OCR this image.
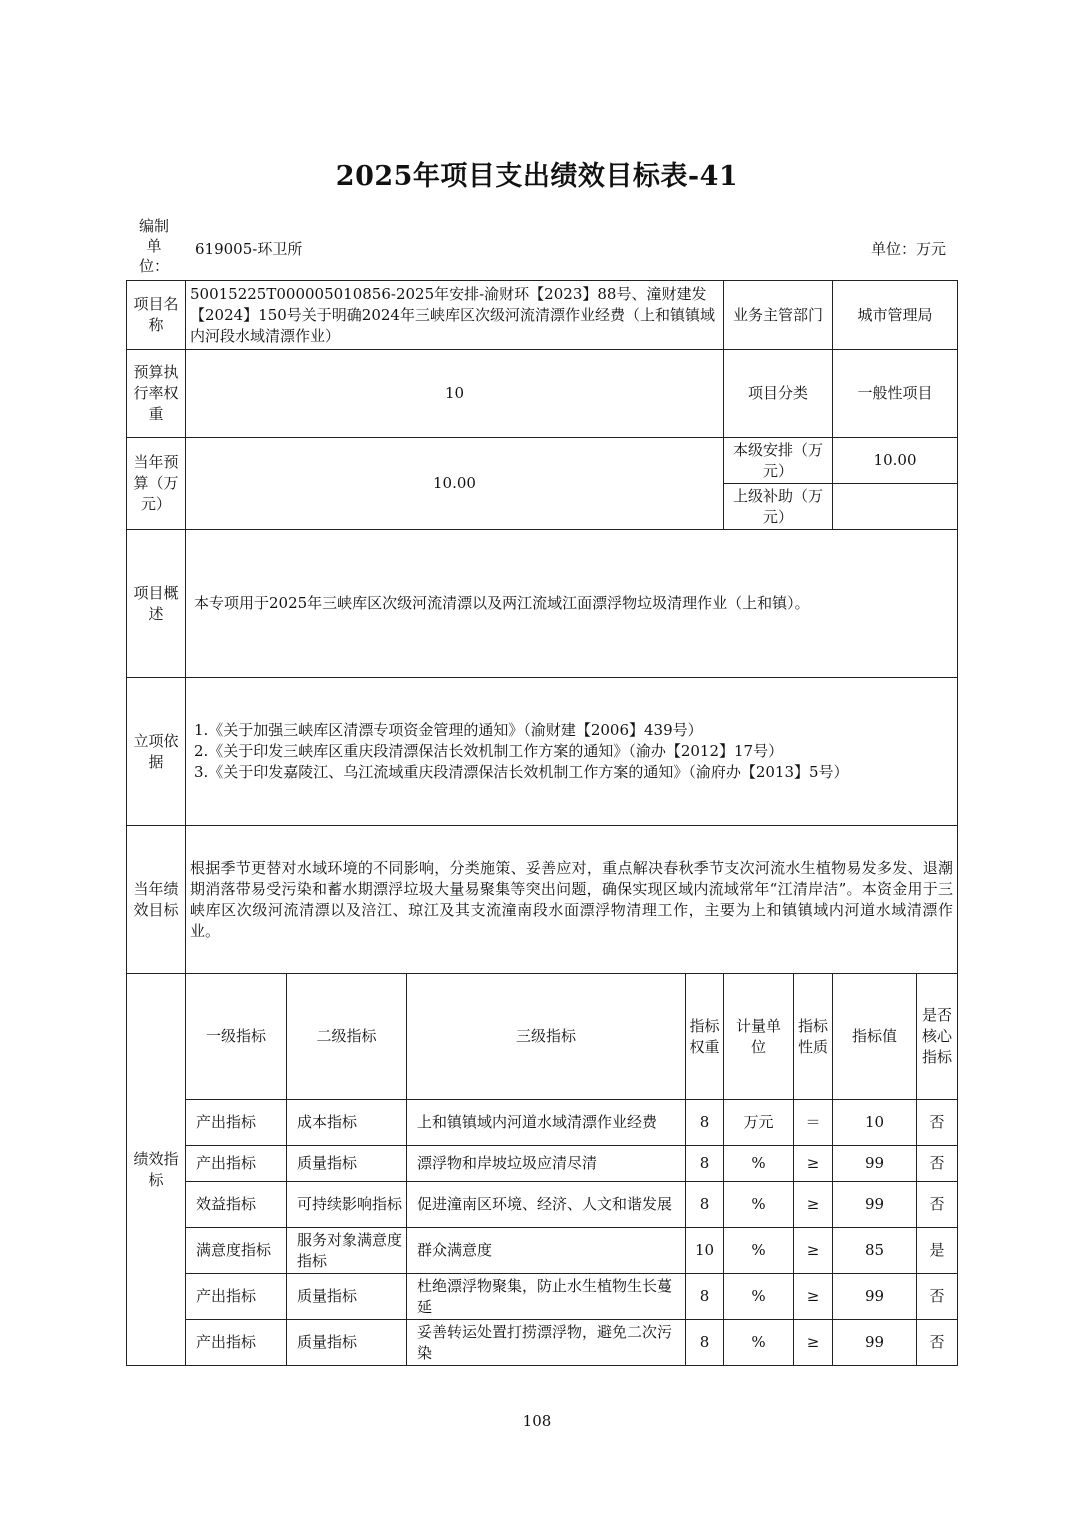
2025年项目支出绩效目标表-41
编制单位：
619005-环卫所	单位：万元
项目名称	50015225T000005010856-2025年安排-渝财环【2023】88号、潼财建发【2024】150号关于明确2024年三峡库区次级河流清漂作业经费（上和镇镇域内河段水域清漂作业）				业务主管部门		城市管理局	
预算执行率权重	10				项目分类		一般性项目	
当年预算（万元）	10.00				本级安排（万元）		10.00	
					上级补助（万元）			
项目概述	本专项用于2025年三峡库区次级河流清漂以及两江流域江面漂浮物垃圾清理作业（上和镇）。							
立项依据	1.《关于加强三峡库区清漂专项资金管理的通知》（渝财建【2006】439号）
2.《关于印发三峡库区重庆段清漂保洁长效机制工作方案的通知》（渝办【2012】17号）
3.《关于印发嘉陵江、乌江流域重庆段清漂保洁长效机制工作方案的通知》（渝府办【2013】5号）							

当年绩效目标	根据季节更替对水域环境的不同影响，分类施策、妥善应对，重点解决春秋季节支次河流水生植物易发多发、退潮期消落带易受污染和蓄水期漂浮垃圾大量易聚集等突出问题，确保实现区域内流域常年“江清岸洁”。本资金用于三峡库区次级河流清漂以及涪江、琼江及其支流潼南段水面漂浮物清理工作，主要为上和镇镇域内河道水域清漂作业。							
绩效指标	一级指标	二级指标	三级指标	指标权重	计量单位	指标性质	指标值	是否核心指标
	产出指标	成本指标	上和镇镇域内河道水域清漂作业经费	8	万元	＝	10	否
	产出指标	质量指标	漂浮物和岸坡垃圾应清尽清	8	%	≥	99	否
	效益指标	可持续影响指标	促进潼南区环境、经济、人文和谐发展	8	%	≥	99	否
	满意度指标	服务对象满意度指标	群众满意度	10	%	≥	85	是
	产出指标	质量指标	杜绝漂浮物聚集，防止水生植物生长蔓延	8	%	≥	99	否
	产出指标	质量指标	妥善转运处置打捞漂浮物，避免二次污染	8	%	≥	99	否
108
